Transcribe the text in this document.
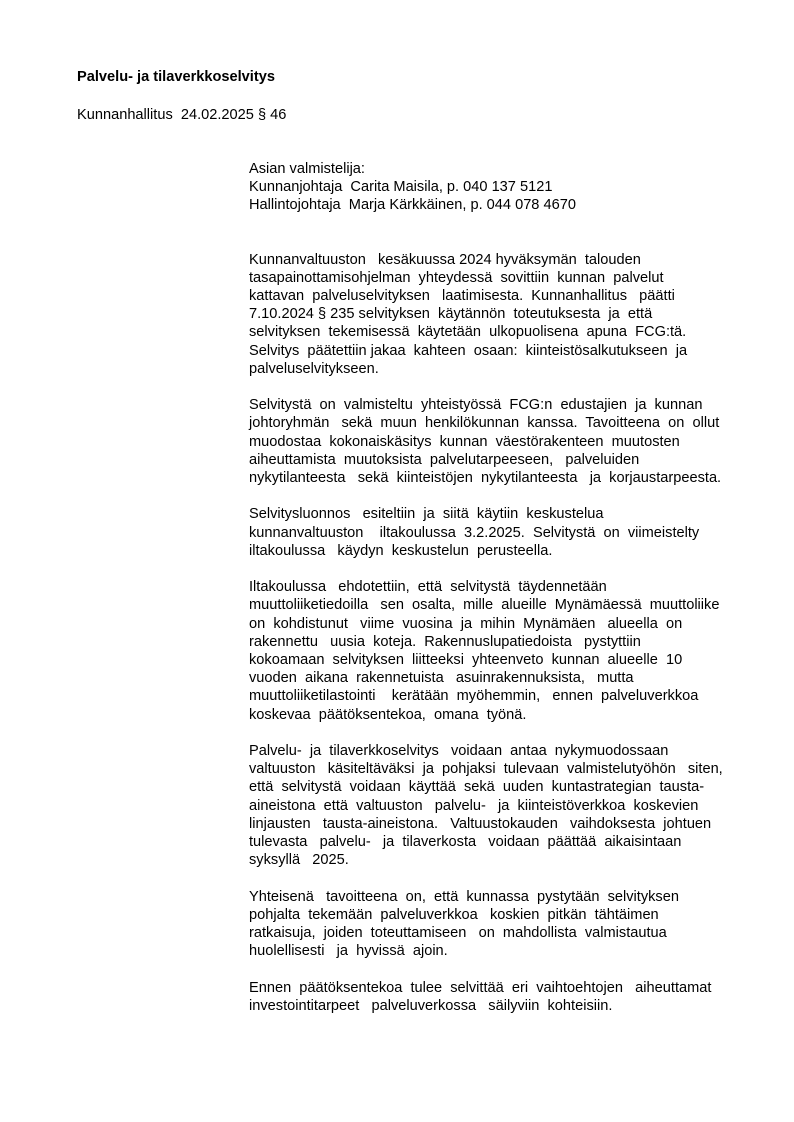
Palvelu- ja tilaverkkoselvitys

Kunnanhallitus  24.02.2025 § 46

Asian valmistelija:
Kunnanjohtaja  Carita Maisila, p. 040 137 5121
Hallintojohtaja  Marja Kärkkäinen, p. 044 078 4670
Kunnanvaltuuston   kesäkuussa 2024 hyväksymän  talouden
tasapainottamisohjelman  yhteydessä  sovittiin  kunnan  palvelut
kattavan  palveluselvityksen   laatimisesta.  Kunnanhallitus   päätti
7.10.2024 § 235 selvityksen  käytännön  toteutuksesta  ja  että
selvityksen  tekemisessä  käytetään  ulkopuolisena  apuna  FCG:tä.
Selvitys  päätettiin jakaa  kahteen  osaan:  kiinteistösalkutukseen  ja
palveluselvitykseen.
Selvitystä  on  valmisteltu  yhteistyössä  FCG:n  edustajien  ja  kunnan
johtoryhmän   sekä  muun  henkilökunnan  kanssa.  Tavoitteena  on  ollut
muodostaa  kokonaiskäsitys  kunnan  väestörakenteen  muutosten
aiheuttamista  muutoksista  palvelutarpeeseen,   palveluiden
nykytilanteesta   sekä  kiinteistöjen  nykytilanteesta   ja  korjaustarpeesta.
Selvitysluonnos   esiteltiin  ja  siitä  käytiin  keskustelua
kunnanvaltuuston    iltakoulussa  3.2.2025.  Selvitystä  on  viimeistelty
iltakoulussa   käydyn  keskustelun  perusteella.
Iltakoulussa   ehdotettiin,  että  selvitystä  täydennetään
muuttoliiketiedoilla   sen  osalta,  mille  alueille  Mynämäessä  muuttoliike
on  kohdistunut   viime  vuosina  ja  mihin  Mynämäen   alueella  on
rakennettu   uusia  koteja.  Rakennuslupatiedoista   pystyttiin
kokoamaan  selvityksen  liitteeksi  yhteenveto  kunnan  alueelle  10
vuoden  aikana  rakennetuista   asuinrakennuksista,   mutta
muuttoliiketilastointi    kerätään  myöhemmin,   ennen  palveluverkkoa
koskevaa  päätöksentekoa,  omana  työnä.
Palvelu-  ja  tilaverkkoselvitys   voidaan  antaa  nykymuodossaan
valtuuston   käsiteltäväksi  ja  pohjaksi  tulevaan  valmistelutyöhön   siten,
että  selvitystä  voidaan  käyttää  sekä  uuden  kuntastrategian  tausta-
aineistona  että  valtuuston   palvelu-   ja  kiinteistöverkkoa  koskevien
linjausten   tausta-aineistona.   Valtuustokauden   vaihdoksesta  johtuen
tulevasta   palvelu-   ja  tilaverkosta   voidaan  päättää  aikaisintaan
syksyllä   2025.
Yhteisenä   tavoitteena  on,  että  kunnassa  pystytään  selvityksen
pohjalta  tekemään  palveluverkkoa   koskien  pitkän  tähtäimen
ratkaisuja,  joiden  toteuttamiseen   on  mahdollista  valmistautua
huolellisesti   ja  hyvissä  ajoin.
Ennen  päätöksentekoa  tulee  selvittää  eri  vaihtoehtojen   aiheuttamat
investointitarpeet   palveluverkossa   säilyviin  kohteisiin.
